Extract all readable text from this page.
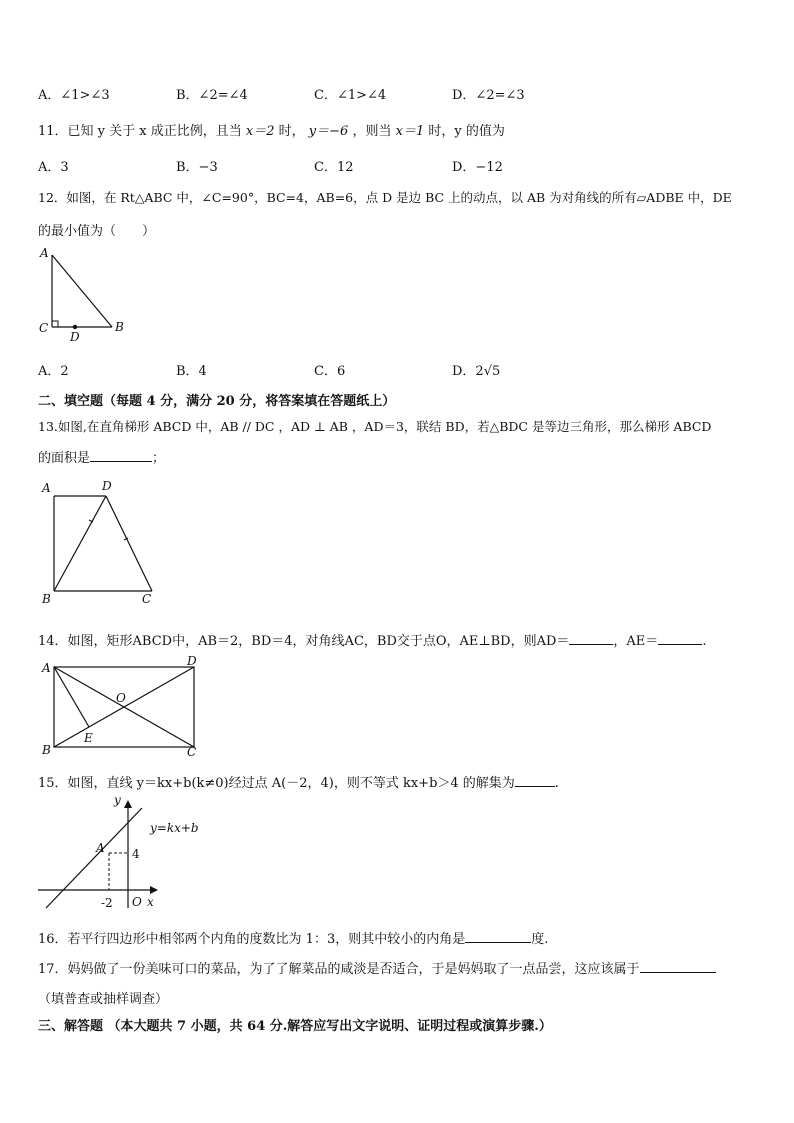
A．∠1>∠3	B．∠2=∠4	C．∠1>∠4	D．∠2=∠3
11．已知 y 关于 x 成正比例，且当 x＝2 时， y＝−6 ，则当 x＝1 时，y 的值为
A．3	B．−3	C．12	D．−12
12．如图，在 Rt△ABC 中，∠C=90°，BC=4，AB=6，点 D 是边 BC 上的动点，以 AB 为对角线的所有▱ADBE 中，DE
的最小值为（　　）
A
C	B
D
A．2	B．4	C．6	D．2√5
二、填空题（每题 4 分，满分 20 分，将答案填在答题纸上）
13.如图,在直角梯形 ABCD 中，AB // DC ，AD ⊥ AB ，AD＝3，联结 BD，若△BDC 是等边三角形，那么梯形 ABCD
的面积是	；
A	D
B	C
14．如图，矩形ABCD中，AB＝2，BD＝4，对角线AC，BD交于点O，AE⊥BD，则AD＝	，AE＝	.
A	D
B	C
O
E
15．如图，直线 y＝kx+b(k≠0)经过点 A(－2，4)，则不等式 kx+b＞4 的解集为	.
y
x
O
y=kx+b
A 4
-2
16．若平行四边形中相邻两个内角的度数比为 1：3，则其中较小的内角是	度.
17．妈妈做了一份美味可口的菜品，为了了解菜品的咸淡是否适合，于是妈妈取了一点品尝，这应该属于
（填普查或抽样调查）
三、解答题 （本大题共 7 小题，共 64 分.解答应写出文字说明、证明过程或演算步骤.）
